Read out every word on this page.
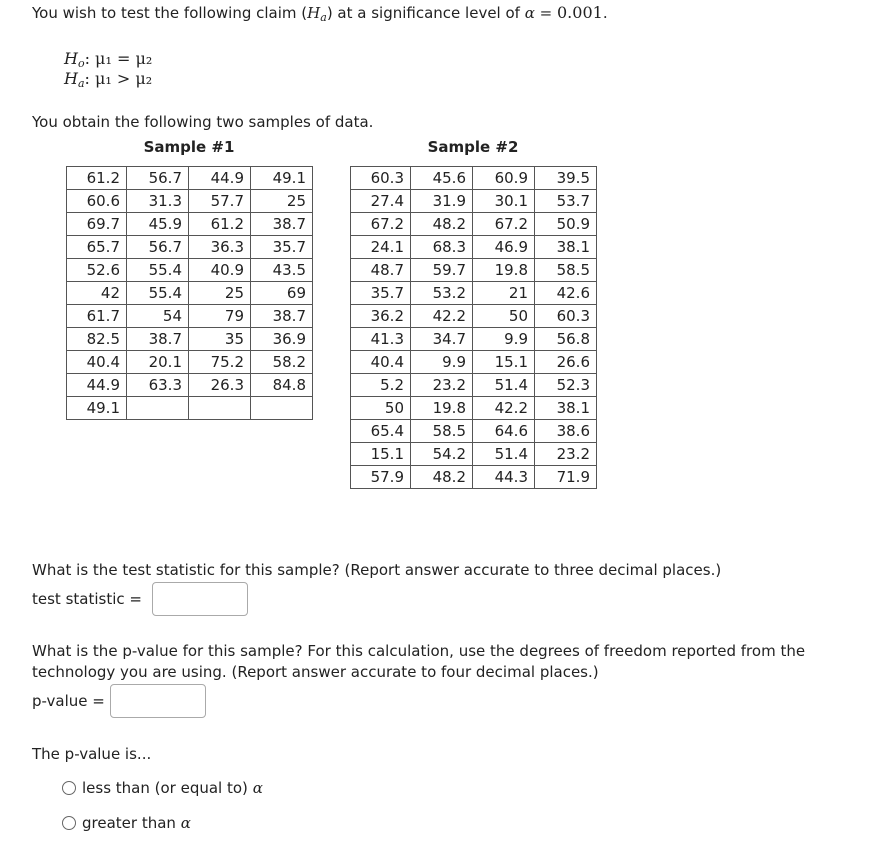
You wish to test the following claim $(H_a)$ at a significance level of α = 0.001.
$H_o$: μ₁ = μ₂
$H_a$: μ₁ > μ₂
You obtain the following two samples of data.
Sample #1
61.2	56.7	44.9	49.1
60.6	31.3	57.7	25
69.7	45.9	61.2	38.7
65.7	56.7	36.3	35.7
52.6	55.4	40.9	43.5
42	55.4	25	69
61.7	54	79	38.7
82.5	38.7	35	36.9
40.4	20.1	75.2	58.2
44.9	63.3	26.3	84.8
49.1			
Sample #2
60.3	45.6	60.9	39.5
27.4	31.9	30.1	53.7
67.2	48.2	67.2	50.9
24.1	68.3	46.9	38.1
48.7	59.7	19.8	58.5
35.7	53.2	21	42.6
36.2	42.2	50	60.3
41.3	34.7	9.9	56.8
40.4	9.9	15.1	26.6
5.2	23.2	51.4	52.3
50	19.8	42.2	38.1
65.4	58.5	64.6	38.6
15.1	54.2	51.4	23.2
57.9	48.2	44.3	71.9
What is the test statistic for this sample? (Report answer accurate to three decimal places.)
test statistic =
What is the p-value for this sample? For this calculation, use the degrees of freedom reported from the
technology you are using. (Report answer accurate to four decimal places.)
p-value =
The p-value is...
less than (or equal to) α
greater than α
